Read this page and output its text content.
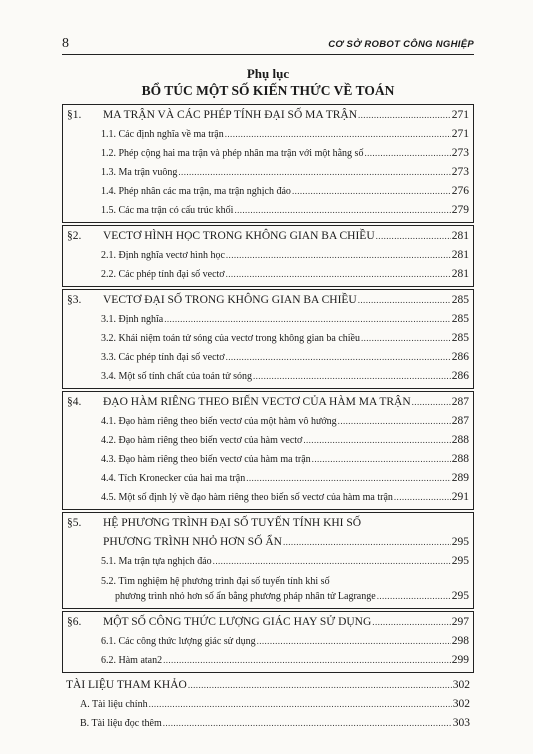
8	CƠ SỞ ROBOT CÔNG NGHIỆP
Phụ lục
BỔ TÚC MỘT SỐ KIẾN THỨC VỀ TOÁN
§1. MA TRẬN VÀ CÁC PHÉP TÍNH ĐẠI SỐ MA TRẬN .....	271
1.1. Các định nghĩa về ma trận .....	271
1.2. Phép cộng hai ma trận và phép nhân ma trận với một hằng số .....	273
1.3. Ma trận vuông .....	273
1.4. Phép nhân các ma trận, ma trận nghịch đảo .....	276
1.5. Các ma trận có cấu trúc khối .....	279
§2. VECTƠ HÌNH HỌC TRONG KHÔNG GIAN BA CHIỀU .....	281
2.1. Định nghĩa vectơ hình học .....	281
2.2. Các phép tính đại số vectơ .....	281
§3. VECTƠ ĐẠI SỐ TRONG KHÔNG GIAN BA CHIỀU .....	285
3.1. Định nghĩa .....	285
3.2. Khái niệm toán tử sóng của vectơ trong không gian ba chiều .....	285
3.3. Các phép tính đại số vectơ .....	286
3.4. Một số tính chất của toán tử sóng .....	286
§4. ĐẠO HÀM RIÊNG THEO BIẾN VECTƠ CỦA HÀM MA TRẬN .....	287
4.1. Đạo hàm riêng theo biến vectơ của một hàm vô hướng .....	287
4.2. Đạo hàm riêng theo biến vectơ của hàm vectơ .....	288
4.3. Đạo hàm riêng theo biến vectơ của hàm ma trận .....	288
4.4. Tích Kronecker của hai ma trận .....	289
4.5. Một số định lý về đạo hàm riêng theo biến số vectơ của hàm ma trận .....	291
§5. HỆ PHƯƠNG TRÌNH ĐẠI SỐ TUYẾN TÍNH KHI SỐ
PHƯƠNG TRÌNH NHỎ HƠN SỐ ẨN .....	295
5.1. Ma trận tựa nghịch đảo .....	295
5.2. Tìm nghiệm hệ phương trình đại số tuyến tính khi số
phương trình nhỏ hơn số ẩn bằng phương pháp nhân tử Lagrange .....	295
§6. MỘT SỐ CÔNG THỨC LƯỢNG GIÁC HAY SỬ DỤNG .....	297
6.1. Các công thức lượng giác sử dụng .....	298
6.2. Hàm atan2 .....	299
TÀI LIỆU THAM KHẢO .....	302
A. Tài liệu chính .....	302
B. Tài liệu đọc thêm .....	303
